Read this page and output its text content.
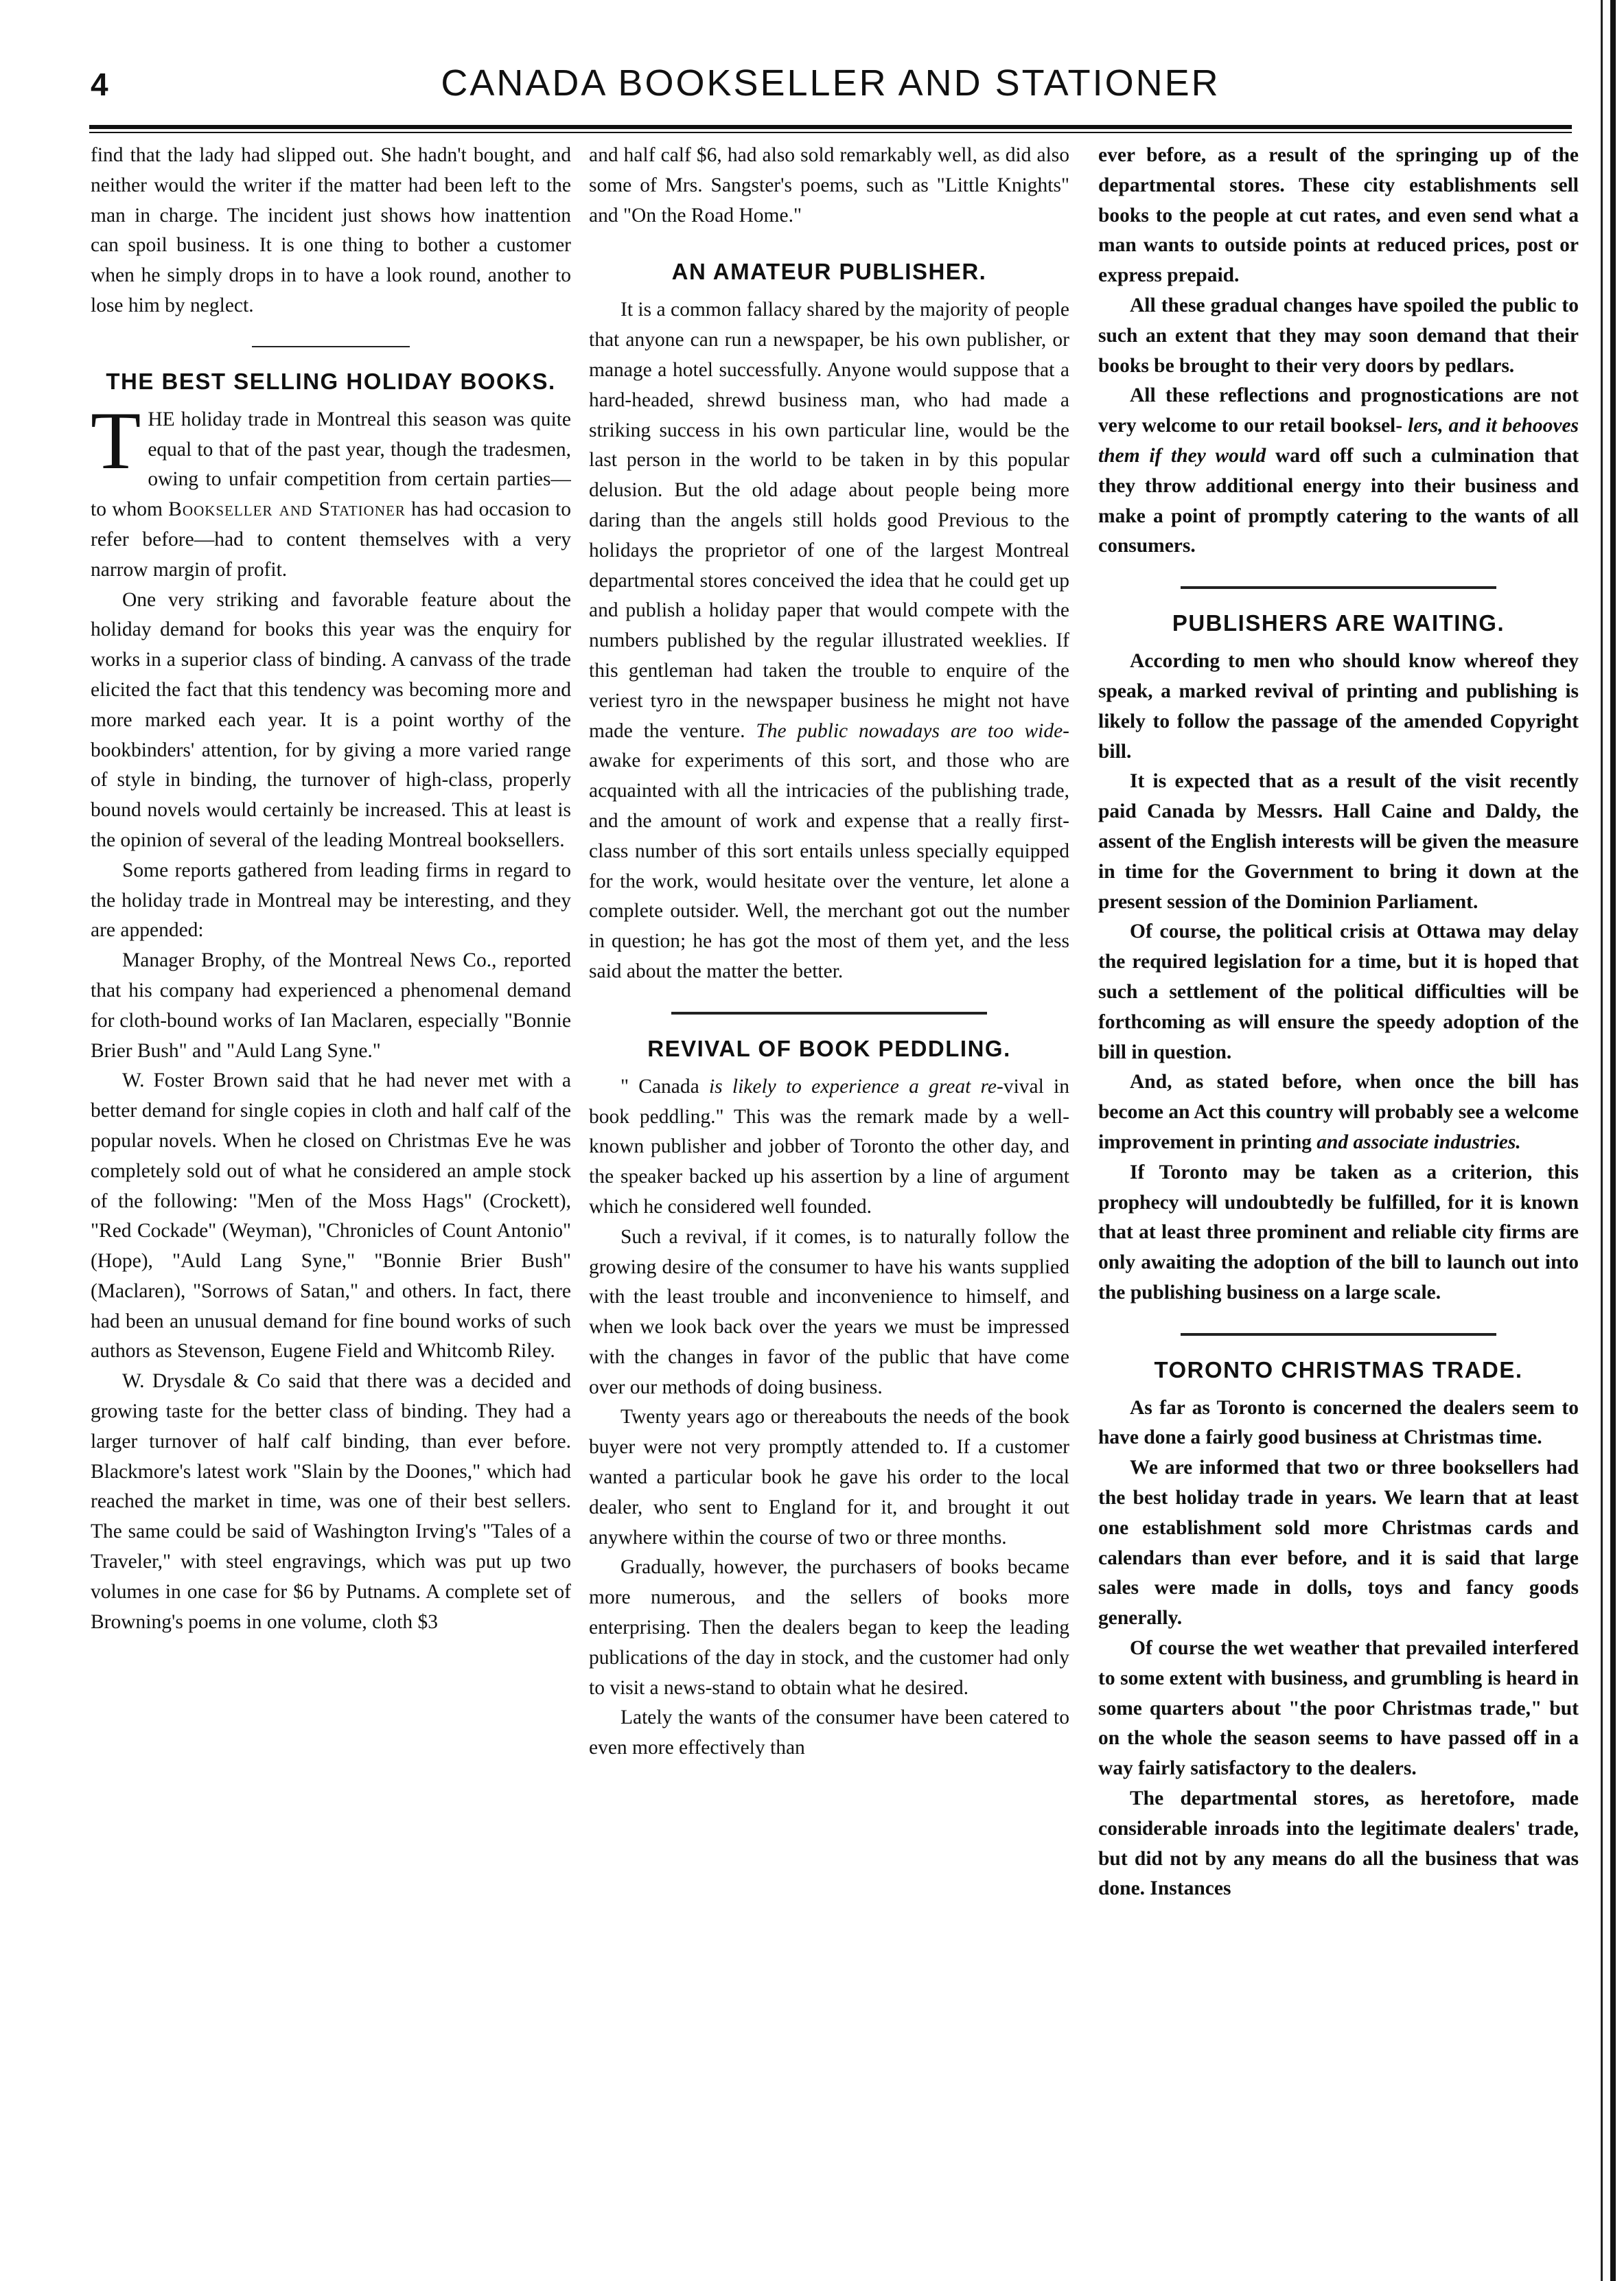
4	CANADA BOOKSELLER AND STATIONER

find that the lady had slipped out. She hadn't bought, and neither would the writer if the matter had been left to the man in charge. The incident just shows how inattention can spoil business. It is one thing to bother a customer when he simply drops in to have a look round, another to lose him by neglect.

THE BEST SELLING HOLIDAY BOOKS.

THE holiday trade in Montreal this season was quite equal to that of the past year, though the tradesmen, owing to unfair competition from certain parties—to whom Bookseller and Stationer has had occasion to refer before—had to content themselves with a very narrow margin of profit.

One very striking and favorable feature about the holiday demand for books this year was the enquiry for works in a superior class of binding. A canvass of the trade elicited the fact that this tendency was becoming more and more marked each year. It is a point worthy of the bookbinders' attention, for by giving a more varied range of style in binding, the turnover of high-class, properly bound novels would certainly be increased. This at least is the opinion of several of the leading Montreal booksellers.

Some reports gathered from leading firms in regard to the holiday trade in Montreal may be interesting, and they are appended:

Manager Brophy, of the Montreal News Co., reported that his company had experienced a phenomenal demand for cloth-bound works of Ian Maclaren, especially "Bonnie Brier Bush" and "Auld Lang Syne."

W. Foster Brown said that he had never met with a better demand for single copies in cloth and half calf of the popular novels. When he closed on Christmas Eve he was completely sold out of what he considered an ample stock of the following: "Men of the Moss Hags" (Crockett), "Red Cockade" (Weyman), "Chronicles of Count Antonio" (Hope), "Auld Lang Syne," "Bonnie Brier Bush" (Maclaren), "Sorrows of Satan," and others. In fact, there had been an unusual demand for fine bound works of such authors as Stevenson, Eugene Field and Whitcomb Riley.

W. Drysdale & Co said that there was a decided and growing taste for the better class of binding. They had a larger turnover of half calf binding, than ever before. Blackmore's latest work "Slain by the Doones," which had reached the market in time, was one of their best sellers. The same could be said of Washington Irving's "Tales of a Traveler," with steel engravings, which was put up two volumes in one case for $6 by Putnams. A complete set of Browning's poems in one volume, cloth $3

and half calf $6, had also sold remarkably well, as did also some of Mrs. Sangster's poems, such as "Little Knights" and "On the Road Home."

AN AMATEUR PUBLISHER.

It is a common fallacy shared by the majority of people that anyone can run a newspaper, be his own publisher, or manage a hotel successfully. Anyone would suppose that a hard-headed, shrewd business man, who had made a striking success in his own particular line, would be the last person in the world to be taken in by this popular delusion. But the old adage about people being more daring than the angels still holds good Previous to the holidays the proprietor of one of the largest Montreal departmental stores conceived the idea that he could get up and publish a holiday paper that would compete with the numbers published by the regular illustrated weeklies. If this gentleman had taken the trouble to enquire of the veriest tyro in the newspaper business he might not have made the venture. The public nowadays are too wide-awake for experiments of this sort, and those who are acquainted with all the intricacies of the publishing trade, and the amount of work and expense that a really first-class number of this sort entails unless specially equipped for the work, would hesitate over the venture, let alone a complete outsider. Well, the merchant got out the number in question; he has got the most of them yet, and the less said about the matter the better.

REVIVAL OF BOOK PEDDLING.

" Canada is likely to experience a great re-vival in book peddling." This was the remark made by a well-known publisher and jobber of Toronto the other day, and the speaker backed up his assertion by a line of argument which he considered well founded.

Such a revival, if it comes, is to naturally follow the growing desire of the consumer to have his wants supplied with the least trouble and inconvenience to himself, and when we look back over the years we must be impressed with the changes in favor of the public that have come over our methods of doing business.

Twenty years ago or thereabouts the needs of the book buyer were not very promptly attended to. If a customer wanted a particular book he gave his order to the local dealer, who sent to England for it, and brought it out anywhere within the course of two or three months.

Gradually, however, the purchasers of books became more numerous, and the sellers of books more enterprising. Then the dealers began to keep the leading publications of the day in stock, and the customer had only to visit a news-stand to obtain what he desired.

Lately the wants of the consumer have been catered to even more effectively than

ever before, as a result of the springing up of the departmental stores. These city establishments sell books to the people at cut rates, and even send what a man wants to outside points at reduced prices, post or express prepaid.

All these gradual changes have spoiled the public to such an extent that they may soon demand that their books be brought to their very doors by pedlars.

All these reflections and prognostications are not very welcome to our retail booksel- lers, and it behooves them if they would ward off such a culmination that they throw additional energy into their business and make a point of promptly catering to the wants of all consumers.

PUBLISHERS ARE WAITING.

According to men who should know whereof they speak, a marked revival of printing and publishing is likely to follow the passage of the amended Copyright bill.

It is expected that as a result of the visit recently paid Canada by Messrs. Hall Caine and Daldy, the assent of the English interests will be given the measure in time for the Government to bring it down at the present session of the Dominion Parliament.

Of course, the political crisis at Ottawa may delay the required legislation for a time, but it is hoped that such a settlement of the political difficulties will be forthcoming as will ensure the speedy adoption of the bill in question.

And, as stated before, when once the bill has become an Act this country will probably see a welcome improvement in printing and associate industries.

If Toronto may be taken as a criterion, this prophecy will undoubtedly be fulfilled, for it is known that at least three prominent and reliable city firms are only awaiting the adoption of the bill to launch out into the publishing business on a large scale.

TORONTO CHRISTMAS TRADE.

As far as Toronto is concerned the dealers seem to have done a fairly good business at Christmas time.

We are informed that two or three booksellers had the best holiday trade in years. We learn that at least one establishment sold more Christmas cards and calendars than ever before, and it is said that large sales were made in dolls, toys and fancy goods generally.

Of course the wet weather that prevailed interfered to some extent with business, and grumbling is heard in some quarters about "the poor Christmas trade," but on the whole the season seems to have passed off in a way fairly satisfactory to the dealers.

The departmental stores, as heretofore, made considerable inroads into the legitimate dealers' trade, but did not by any means do all the business that was done. Instances
